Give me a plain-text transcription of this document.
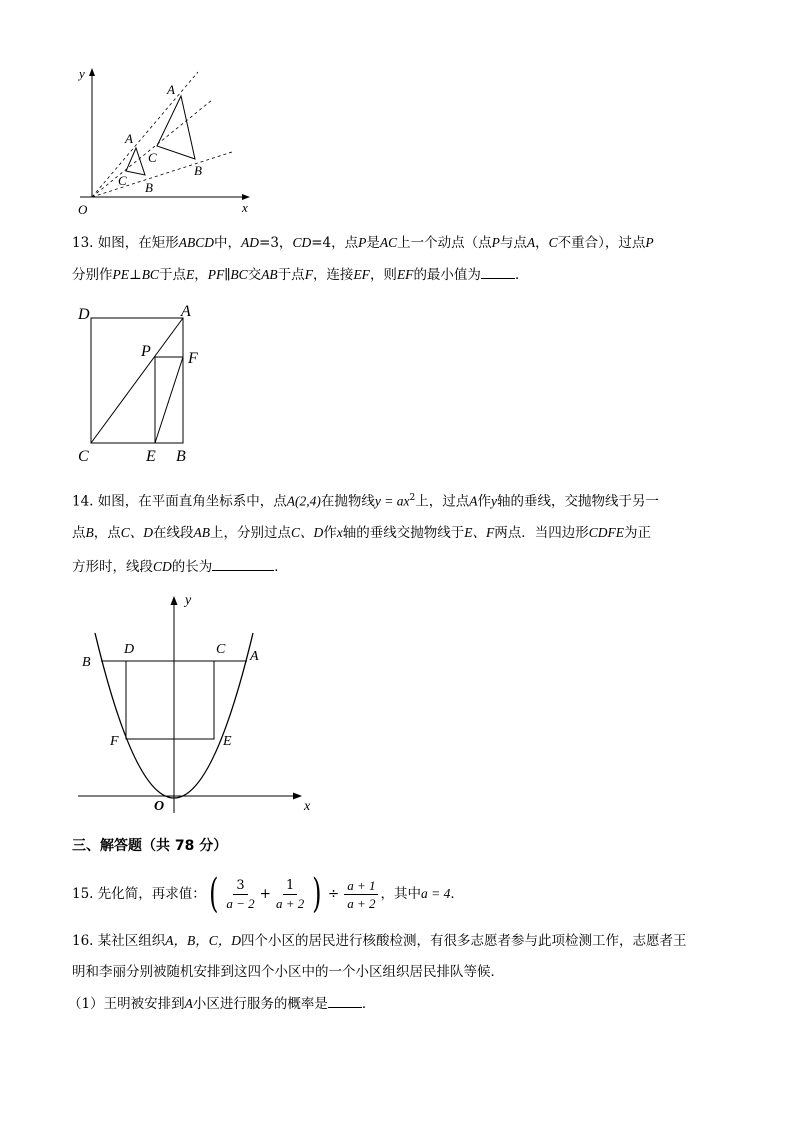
y
x
O
A
C
B
A
C B
13. 如图，在矩形ABCD中，AD=3，CD=4，点P是AC上一个动点（点P与点A，C不重合），过点P
分别作PE⊥BC于点E，PF∥BC交AB于点F，连接EF，则EF的最小值为	．
D	A
P F
C	E B
14. 如图，在平面直角坐标系中，点A(2,4)在抛物线$y = ax^2$上，过点A作y轴的垂线，交抛物线于另一
点B，点C、D在线段AB上，分别过点C、D作x轴的垂线交抛物线于E、F两点．当四边形CDFE为正
方形时，线段CD的长为	．
y
x
O
B	A
D	C
F	E
三、解答题（共 78 分）
15.
先化简，再求值： ( $\frac{3}{a - 2} + \frac{1}{a + 2}$ ) ÷ $\frac{a + 1}{a + 2}$ ，其中 a = 4 ．
16. 某社区组织A，B，C，D四个小区的居民进行核酸检测，有很多志愿者参与此项检测工作，志愿者王
明和李丽分别被随机安排到这四个小区中的一个小区组织居民排队等候．
（1）王明被安排到A小区进行服务的概率是	．
